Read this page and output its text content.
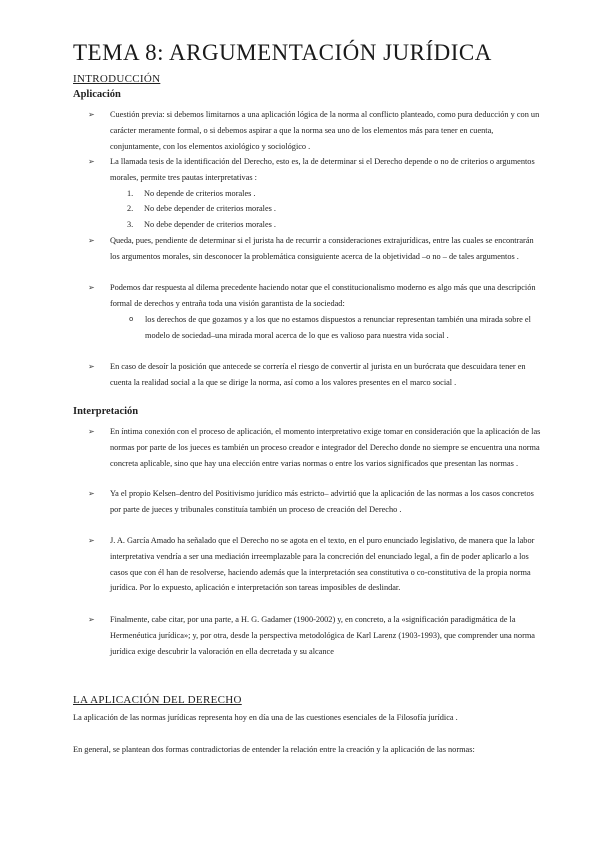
TEMA 8: ARGUMENTACIÓN JURÍDICA
INTRODUCCIÓN
Aplicación
➢ Cuestión previa: si debemos limitarnos a una aplicación lógica de la norma al conflicto planteado, como pura deducción y con un carácter meramente formal, o si debemos aspirar a que la norma sea uno de los elementos más para tener en cuenta, conjuntamente, con los elementos axiológico y sociológico .
➢ La llamada tesis de la identificación del Derecho, esto es, la de determinar si el Derecho depende o no de criterios o argumentos morales, permite tres pautas interpretativas :
1. No depende de criterios morales .
2. No debe depender de criterios morales .
3. No debe depender de criterios morales .
➢ Queda, pues, pendiente de determinar si el jurista ha de recurrir a consideraciones extrajurídicas, entre las cuales se encontrarán los argumentos morales, sin desconocer la problemática consiguiente acerca de la objetividad –o no – de tales argumentos .
➢ Podemos dar respuesta al dilema precedente haciendo notar que el constitucionalismo moderno es algo más que una descripción formal de derechos y entraña toda una visión garantista de la sociedad:
o los derechos de que gozamos y a los que no estamos dispuestos a renunciar representan también una mirada sobre el modelo de sociedad–una mirada moral acerca de lo que es valioso para nuestra vida social .
➢ En caso de desoír la posición que antecede se correría el riesgo de convertir al jurista en un burócrata que descuidara tener en cuenta la realidad social a la que se dirige la norma, así como a los valores presentes en el marco social .
Interpretación
➢ En íntima conexión con el proceso de aplicación, el momento interpretativo exige tomar en consideración que la aplicación de las normas por parte de los jueces es también un proceso creador e integrador del Derecho donde no siempre se encuentra una norma concreta aplicable, sino que hay una elección entre varias normas o entre los varios significados que presentan las normas .
➢ Ya el propio Kelsen–dentro del Positivismo jurídico más estricto– advirtió que la aplicación de las normas a los casos concretos por parte de jueces y tribunales constituía también un proceso de creación del Derecho .
➢ J. A. García Amado ha señalado que el Derecho no se agota en el texto, en el puro enunciado legislativo, de manera que la labor interpretativa vendría a ser una mediación irreemplazable para la concreción del enunciado legal, a fin de poder aplicarlo a los casos que con él han de resolverse, haciendo además que la interpretación sea constitutiva o co-constitutiva de la propia norma jurídica. Por lo expuesto, aplicación e interpretación son tareas imposibles de deslindar.
➢ Finalmente, cabe citar, por una parte, a H. G. Gadamer (1900-2002) y, en concreto, a la «significación paradigmática de la Hermenéutica jurídica»; y, por otra, desde la perspectiva metodológica de Karl Larenz (1903-1993), que comprender una norma jurídica exige descubrir la valoración en ella decretada y su alcance
LA APLICACIÓN DEL DERECHO
La aplicación de las normas jurídicas representa hoy en día una de las cuestiones esenciales de la Filosofía jurídica .
En general, se plantean dos formas contradictorias de entender la relación entre la creación y la aplicación de las normas:
